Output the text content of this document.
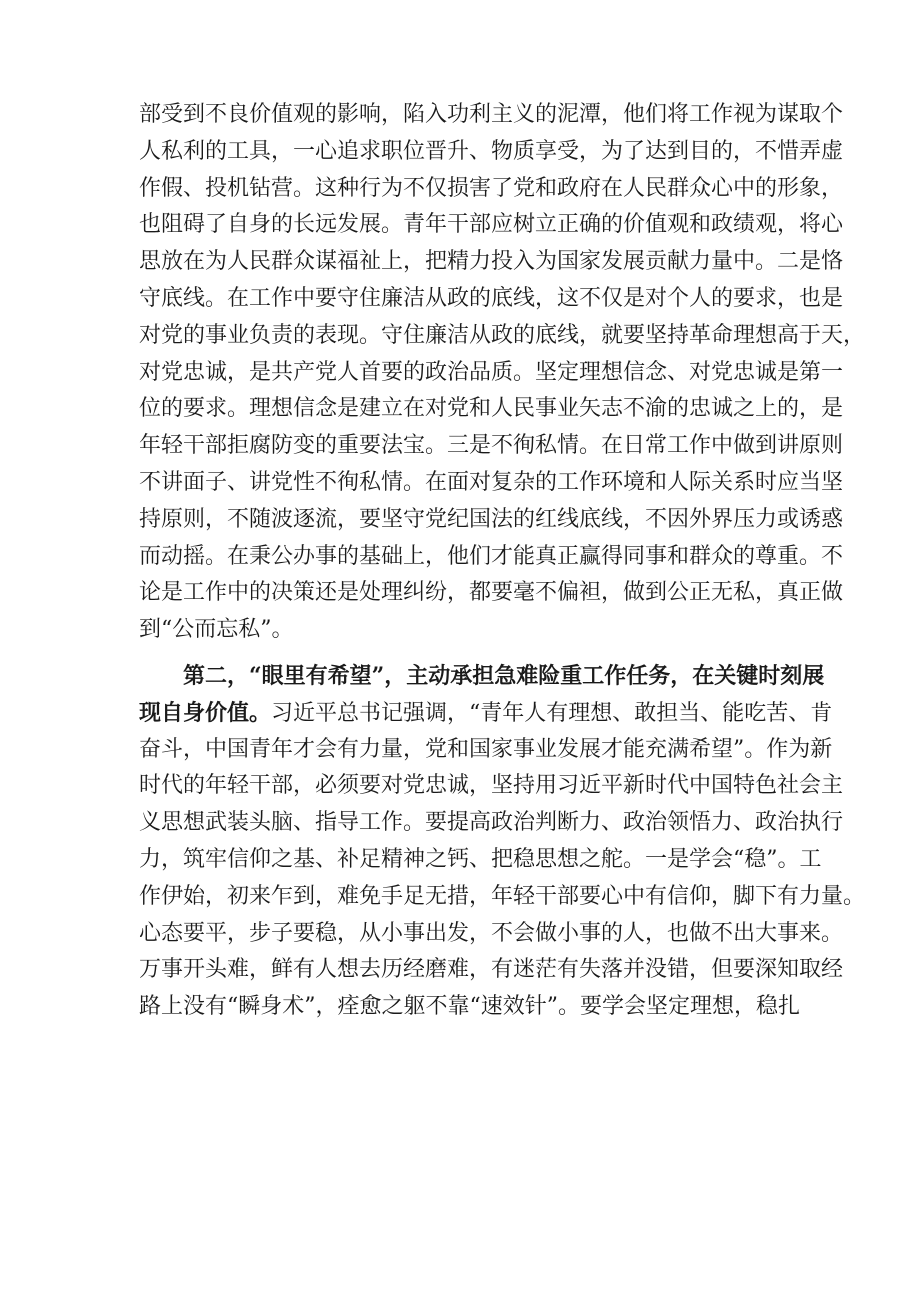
部受到不良价值观的影响，陷入功利主义的泥潭，他们将工作视为谋取个
人私利的工具，一心追求职位晋升、物质享受，为了达到目的，不惜弄虚
作假、投机钻营。这种行为不仅损害了党和政府在人民群众心中的形象，
也阻碍了自身的长远发展。青年干部应树立正确的价值观和政绩观，将心
思放在为人民群众谋福祉上，把精力投入为国家发展贡献力量中。二是恪
守底线。在工作中要守住廉洁从政的底线，这不仅是对个人的要求，也是
对党的事业负责的表现。守住廉洁从政的底线，就要坚持革命理想高于天，
对党忠诚，是共产党人首要的政治品质。坚定理想信念、对党忠诚是第一
位的要求。理想信念是建立在对党和人民事业矢志不渝的忠诚之上的，是
年轻干部拒腐防变的重要法宝。三是不徇私情。在日常工作中做到讲原则
不讲面子、讲党性不徇私情。在面对复杂的工作环境和人际关系时应当坚
持原则，不随波逐流，要坚守党纪国法的红线底线，不因外界压力或诱惑
而动摇。在秉公办事的基础上，他们才能真正赢得同事和群众的尊重。不
论是工作中的决策还是处理纠纷，都要毫不偏袒，做到公正无私，真正做
到“公而忘私”。
第二，“眼里有希望”，主动承担急难险重工作任务，在关键时刻展
现自身价值。习近平总书记强调，“青年人有理想、敢担当、能吃苦、肯
奋斗，中国青年才会有力量，党和国家事业发展才能充满希望”。作为新
时代的年轻干部，必须要对党忠诚，坚持用习近平新时代中国特色社会主
义思想武装头脑、指导工作。要提高政治判断力、政治领悟力、政治执行
力，筑牢信仰之基、补足精神之钙、把稳思想之舵。一是学会“稳”。工
作伊始，初来乍到，难免手足无措，年轻干部要心中有信仰，脚下有力量。
心态要平，步子要稳，从小事出发，不会做小事的人，也做不出大事来。
万事开头难，鲜有人想去历经磨难，有迷茫有失落并没错，但要深知取经
路上没有“瞬身术”，痊愈之躯不靠“速效针”。要学会坚定理想，稳扎
